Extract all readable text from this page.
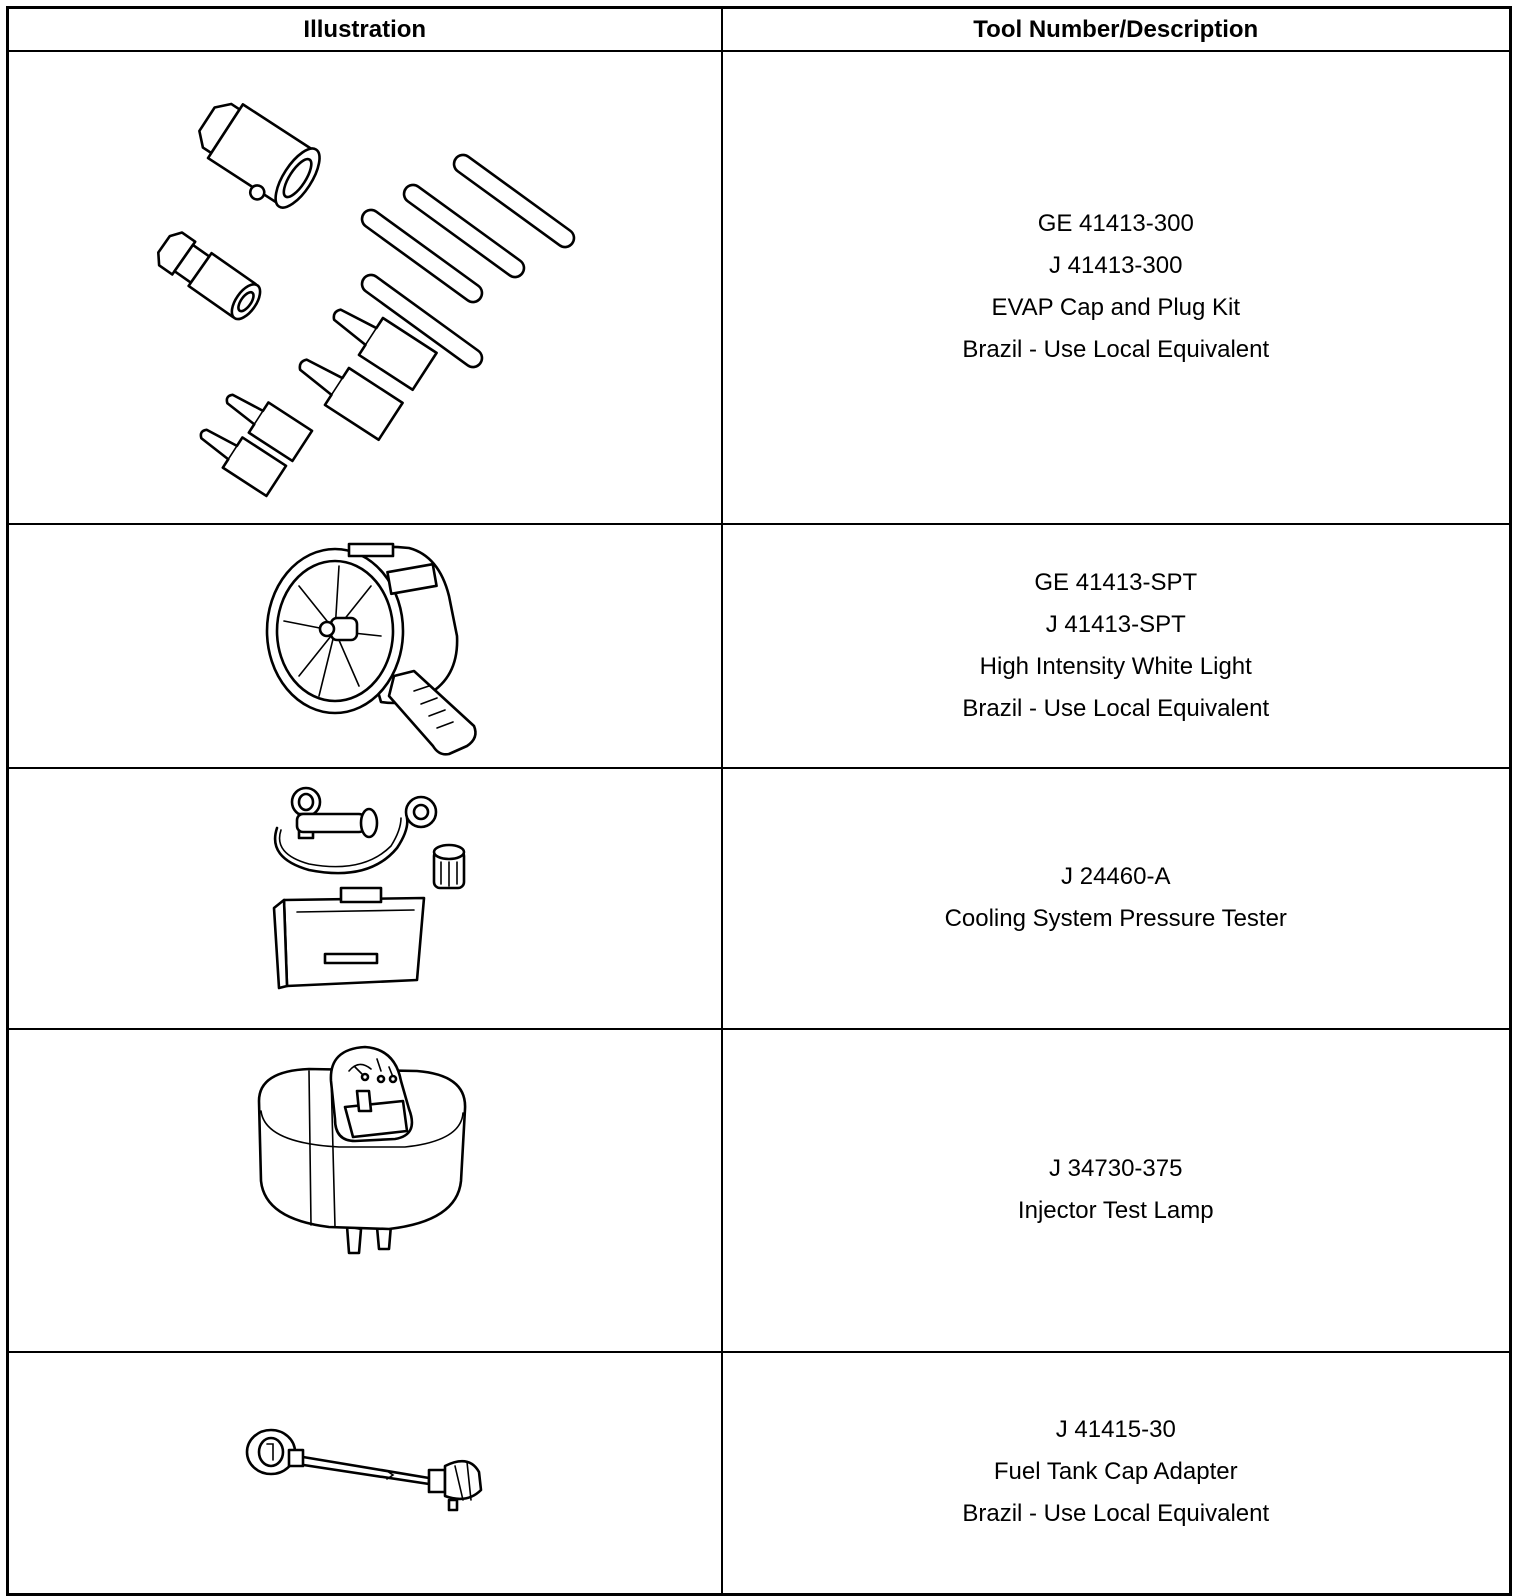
Illustration	Tool Number/Description

GE 41413-300
J 41413-300
EVAP Cap and Plug Kit
Brazil - Use Local Equivalent

GE 41413-SPT
J 41413-SPT
High Intensity White Light
Brazil - Use Local Equivalent

J 24460-A
Cooling System Pressure Tester

J 34730-375
Injector Test Lamp

J 41415-30
Fuel Tank Cap Adapter
Brazil - Use Local Equivalent
